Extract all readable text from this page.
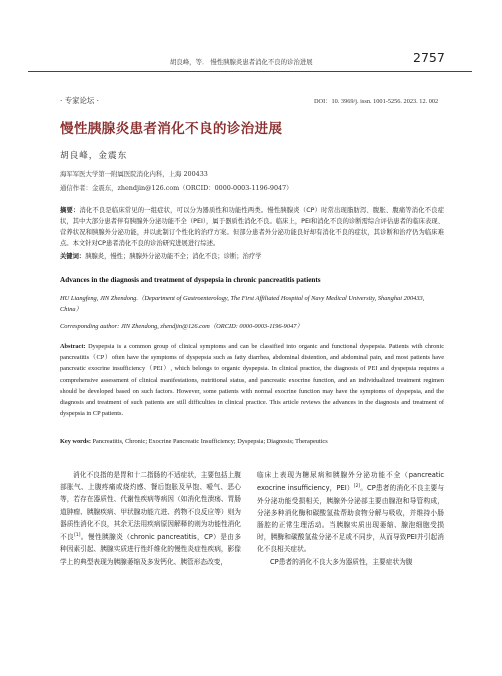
胡良峰，等． 慢性胰腺炎患者消化不良的诊治进展	2757
· 专家论坛 ·	DOI：10. 3969/j. issn. 1001-5256. 2023. 12. 002
慢性胰腺炎患者消化不良的诊治进展
胡良峰，金震东
海军军医大学第一附属医院消化内科，上海 200433
通信作者：金震东，zhendjin@126.com（ORCID：0000-0003-1196-9047）
摘要：消化不良是临床常见的一组症状，可以分为器质性和功能性两类。慢性胰腺炎（CP）时常出现脂肪泻、腹胀、腹痛等消化不良症状，其中大部分患者伴有胰腺外分泌功能不全（PEI），属于器质性消化不良。临床上，PEI和消化不良的诊断需综合评估患者的临床表现、营养状况和胰腺外分泌功能，并以此制订个性化的治疗方案。但部分患者外分泌功能良好却有消化不良的症状，其诊断和治疗仍为临床难点。本文针对CP患者消化不良的诊治研究进展进行综述。
关键词：胰腺炎，慢性；胰腺外分泌功能不全；消化不良；诊断；治疗学
Advances in the diagnosis and treatment of dyspepsia in chronic pancreatitis patients
HU Liangfeng, JIN Zhendong.（Department of Gastroenterology, The First Affiliated Hospital of Navy Medical University, Shanghai 200433, China）
Corresponding author: JIN Zhendong, zhendjin@126.com（ORCID: 0000-0003-1196-9047）
Abstract: Dyspepsia is a common group of clinical symptoms and can be classified into organic and functional dyspepsia. Patients with chronic pancreatitis（CP）often have the symptoms of dyspepsia such as fatty diarrhea, abdominal distention, and abdominal pain, and most patients have pancreatic exocrine insufficiency（PEI）, which belongs to organic dyspepsia. In clinical practice, the diagnosis of PEI and dyspepsia requires a comprehensive assessment of clinical manifestations, nutritional status, and pancreatic exocrine function, and an individualized treatment regimen should be developed based on such factors. However, some patients with normal exocrine function may have the symptoms of dyspepsia, and the diagnosis and treatment of such patients are still difficulties in clinical practice. This article reviews the advances in the diagnosis and treatment of dyspepsia in CP patients.
Key words: Pancreatitis, Chronic; Exocrine Pancreatic Insufficiency; Dyspepsia; Diagnosis; Therapeutics
消化不良指的是胃和十二指肠的不适症状，主要包括上腹部胀气、上腹疼痛或烧灼感、餐后饱胀及早饱、嗳气、恶心等，若存在器质性、代谢性疾病等病因（如消化性溃疡、胃肠道肿瘤、胰腺疾病、甲状腺功能亢进、药物不良反应等）则为器质性消化不良，其余无法用疾病原因解释的则为功能性消化不良[1]。慢性胰腺炎（chronic pancreatitis，CP）是由多种因素引起、胰腺实质进行性纤维化的慢性炎症性疾病，影像学上的典型表现为胰腺萎缩及多发钙化、胰管形态改变，
临床上表现为糖尿病和胰腺外分泌功能不全（pancreatic exocrine insufficiency，PEI）[2]。CP患者的消化不良主要与外分泌功能受损相关，胰腺外分泌部主要由腺泡和导管构成，分泌多种消化酶和碳酸氢盐帮助食物分解与吸收，并维持小肠肠腔的正常生理活动。当胰腺实质出现萎缩、腺泡细胞受损时，胰酶和碳酸氢盐分泌不足或不同步，从而导致PEI并引起消化不良相关症状。
CP患者的消化不良大多为器质性，主要症状为腹
